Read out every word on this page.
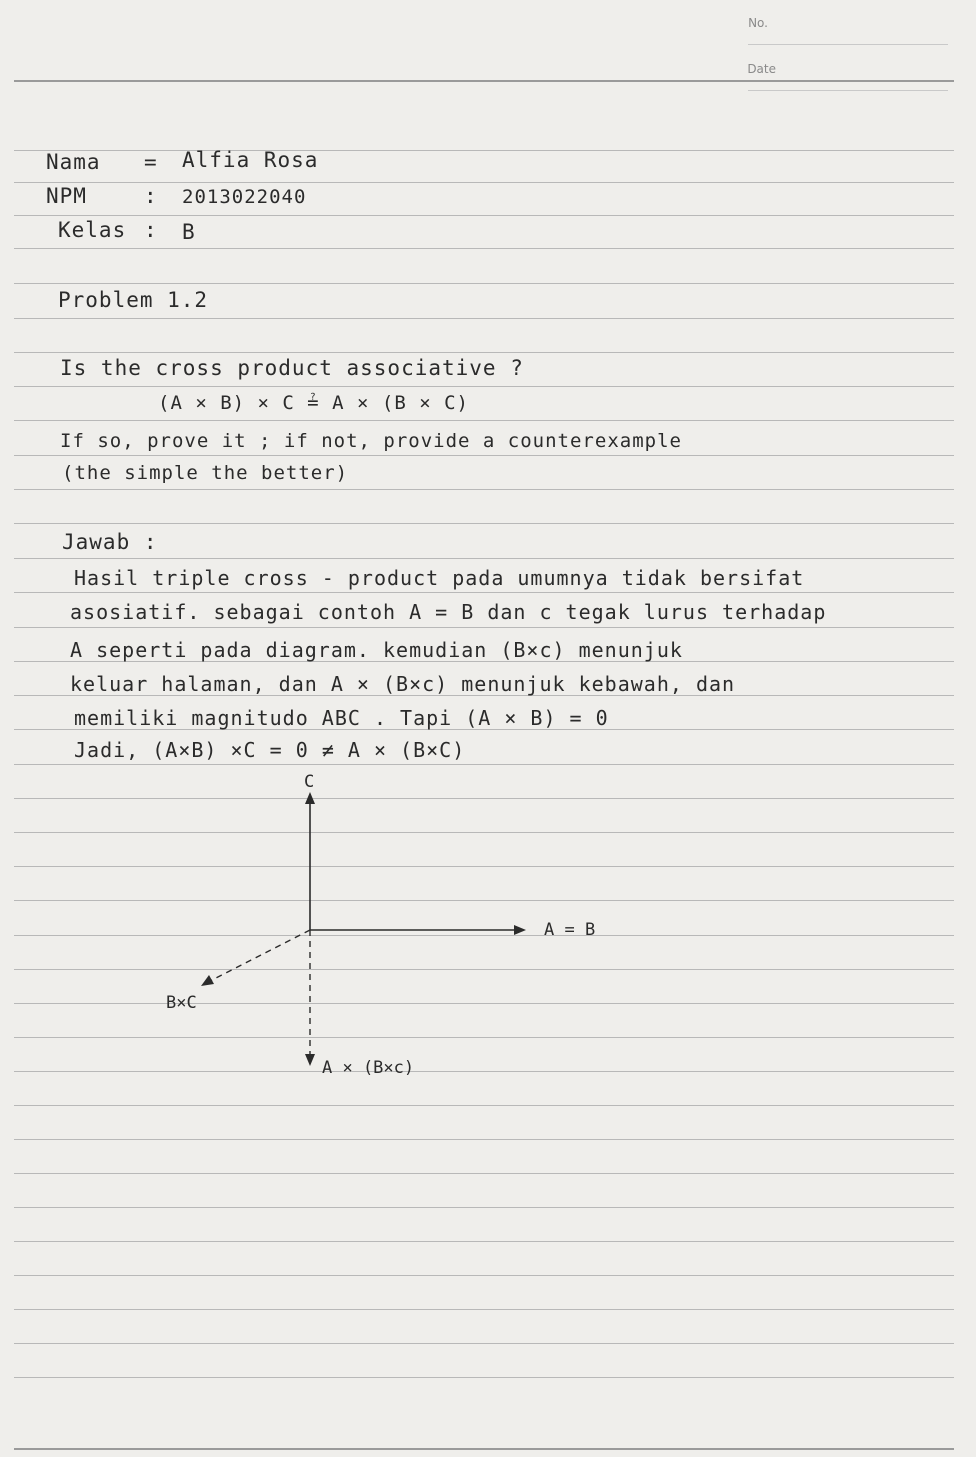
No.
Date
Nama = Alfia Rosa
NPM	: 2013022040
Kelas : B
Problem 1.2
Is the cross product associative ?
(A × B) × C ≟ A × (B × C)
If so, prove it ; if not, provide a counterexample
(the simple the better)
Jawab :
Hasil triple cross - product pada umumnya tidak bersifat
asosiatif. sebagai contoh A = B dan c tegak lurus terhadap
A seperti pada diagram. kemudian (B×c) menunjuk
keluar halaman, dan A × (B×c) menunjuk kebawah, dan
memiliki magnitudo ABC . Tapi (A × B) = 0
Jadi, (A×B) ×C = 0 ≠ A × (B×C)
C
A = B
B×C
A × (B×c)
